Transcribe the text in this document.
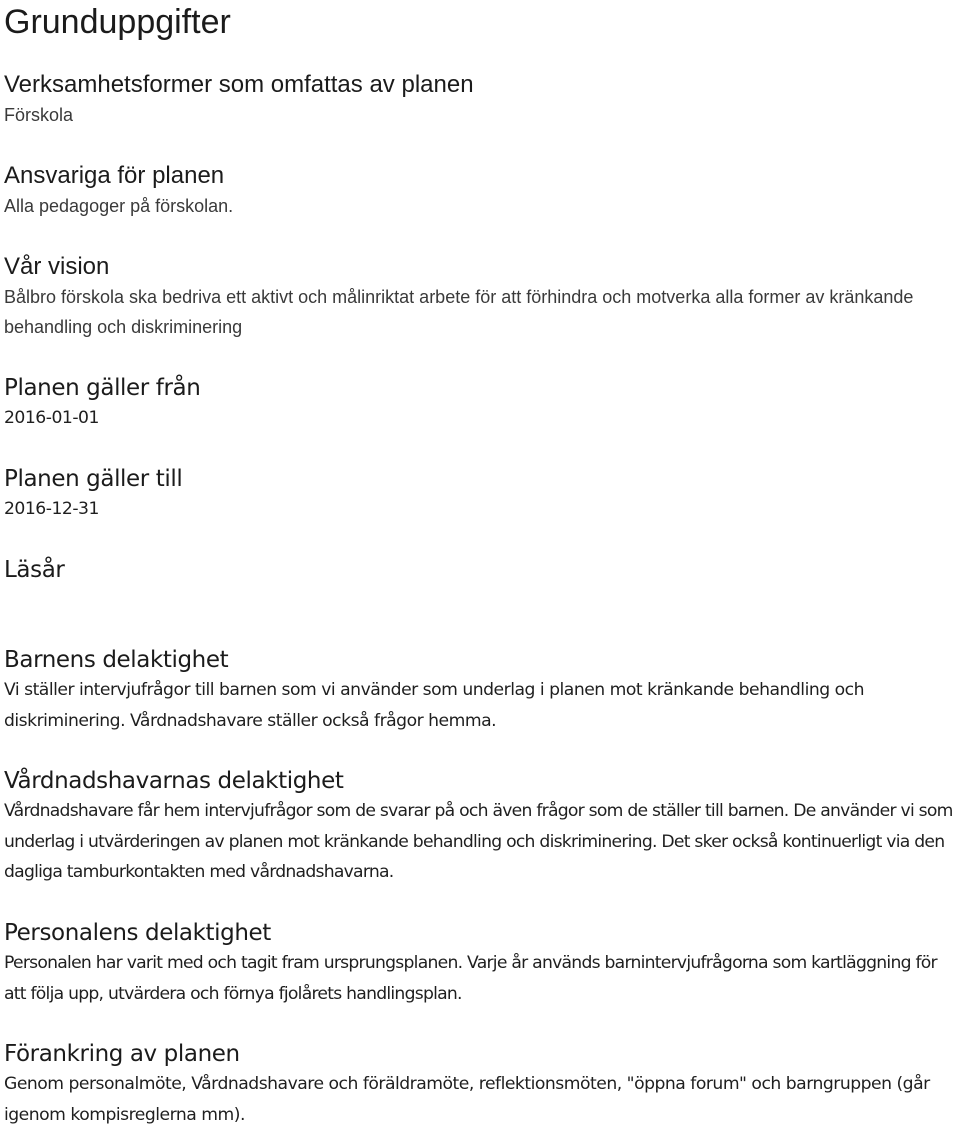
Grunduppgifter
Verksamhetsformer som omfattas av planen

Förskola

Ansvariga för planen

Alla pedagoger på förskolan.

Vår vision

Bålbro förskola ska bedriva ett aktivt och målinriktat arbete för att förhindra och motverka alla former av kränkande behandling och diskriminering

Planen gäller från

2016-01-01

Planen gäller till

2016-12-31

Läsår
Barnens delaktighet

Vi ställer intervjufrågor till barnen som vi använder som underlag i planen mot kränkande behandling och diskriminering. Vårdnadshavare ställer också frågor hemma.

Vårdnadshavarnas delaktighet

Vårdnadshavare får hem intervjufrågor som de svarar på och även frågor som de ställer till barnen. De använder vi som underlag i utvärderingen av planen mot kränkande behandling och diskriminering. Det sker också kontinuerligt via den dagliga tamburkontakten med vårdnadshavarna.

Personalens delaktighet

Personalen har varit med och tagit fram ursprungsplanen. Varje år används barnintervjufrågorna som kartläggning för att följa upp, utvärdera och förnya fjolårets handlingsplan.

Förankring av planen

Genom personalmöte, Vårdnadshavare och föräldramöte, reflektionsmöten, "öppna forum" och barngruppen (går igenom kompisreglerna mm).
